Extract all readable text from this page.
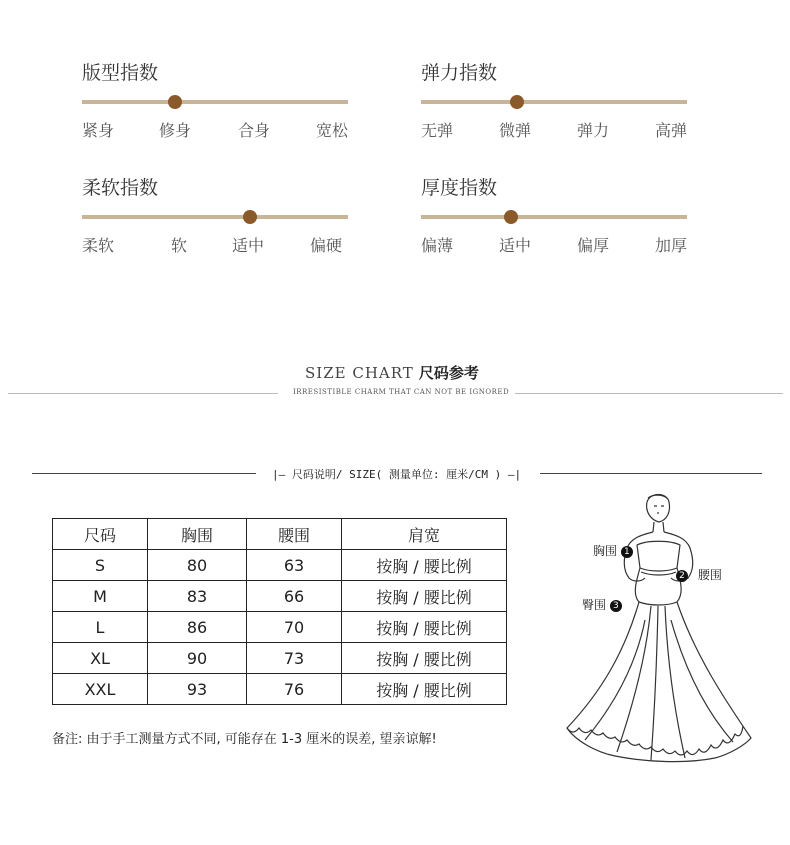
版型指数
紧身	修身	合身	宽松
弹力指数
无弹	微弹	弹力	高弹
柔软指数
柔软	软	适中	偏硬
厚度指数
偏薄	适中	偏厚	加厚
SIZE CHART 尺码参考
IRRESISTIBLE CHARM THAT CAN NOT BE IGNORED
|— 尺码说明/ SIZE( 测量单位: 厘米/CM ) —|
尺码	胸围	腰围	肩宽
S	80	63	按胸 / 腰比例
M	83	66	按胸 / 腰比例
L	86	70	按胸 / 腰比例
XL	90	73	按胸 / 腰比例
XXL	93	76	按胸 / 腰比例
备注: 由于手工测量方式不同, 可能存在 1-3 厘米的误差, 望亲谅解!
胸围 1
2 腰围
臀围 3
